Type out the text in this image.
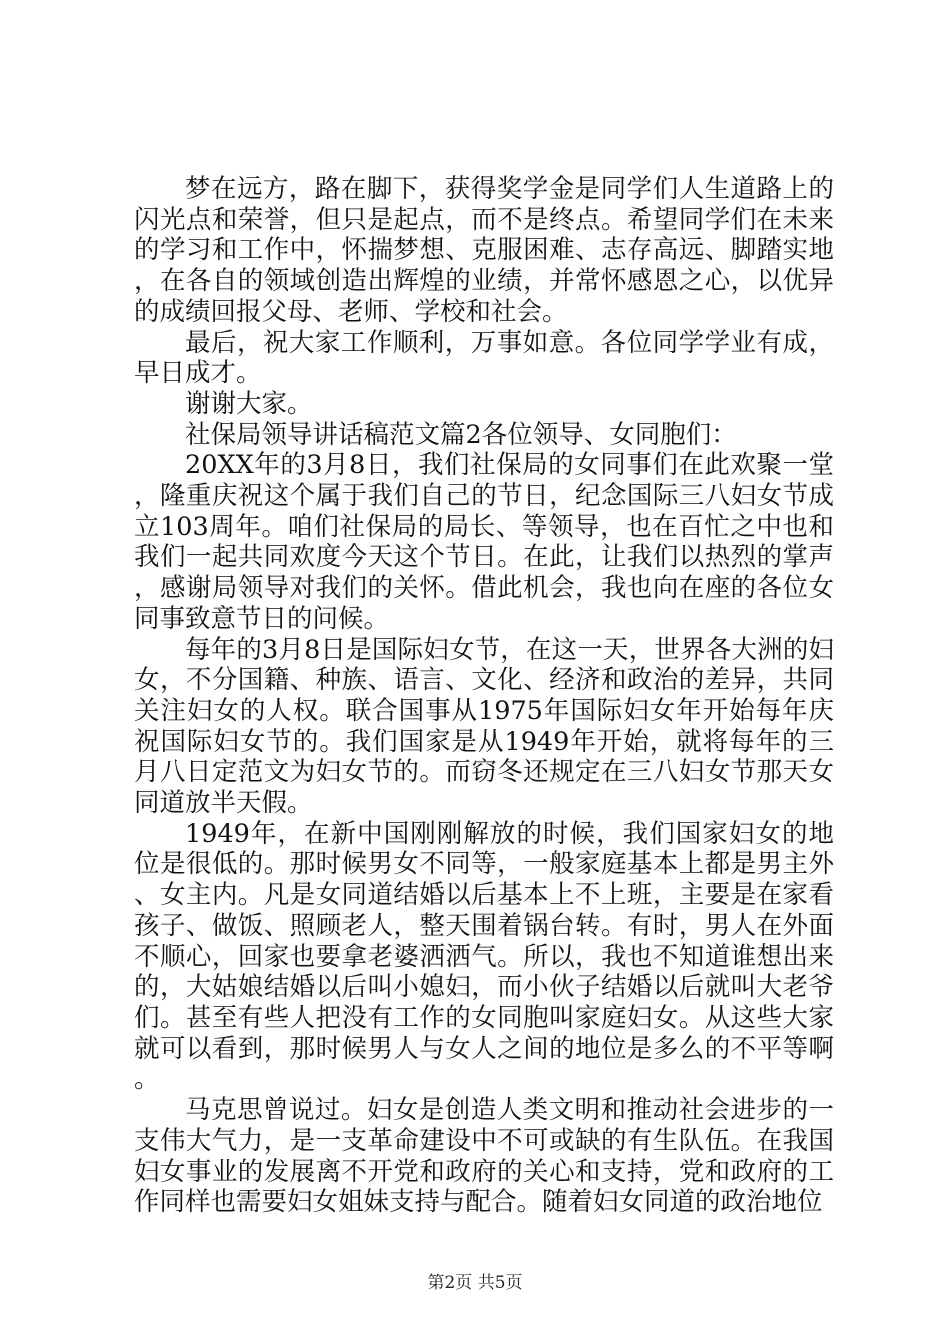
梦在远方，路在脚下，获得奖学金是同学们人生道路上的闪光点和荣誉，但只是起点，而不是终点。希望同学们在未来的学习和工作中，怀揣梦想、克服困难、志存高远、脚踏实地，在各自的领域创造出辉煌的业绩，并常怀感恩之心，以优异的成绩回报父母、老师、学校和社会。

最后，祝大家工作顺利，万事如意。各位同学学业有成，早日成才。

谢谢大家。

社保局领导讲话稿范文篇2各位领导、女同胞们：

20XX年的3月8日，我们社保局的女同事们在此欢聚一堂，隆重庆祝这个属于我们自己的节日，纪念国际三八妇女节成立103周年。咱们社保局的局长、等领导，也在百忙之中也和我们一起共同欢度今天这个节日。在此，让我们以热烈的掌声，感谢局领导对我们的关怀。借此机会，我也向在座的各位女同事致意节日的问候。

每年的3月8日是国际妇女节，在这一天，世界各大洲的妇女，不分国籍、种族、语言、文化、经济和政治的差异，共同关注妇女的人权。联合国事从1975年国际妇女年开始每年庆祝国际妇女节的。我们国家是从1949年开始，就将每年的三月八日定范文为妇女节的。而窃冬还规定在三八妇女节那天女同道放半天假。

1949年，在新中国刚刚解放的时候，我们国家妇女的地位是很低的。那时候男女不同等，一般家庭基本上都是男主外、女主内。凡是女同道结婚以后基本上不上班，主要是在家看孩子、做饭、照顾老人，整天围着锅台转。有时，男人在外面不顺心，回家也要拿老婆洒洒气。所以，我也不知道谁想出来的，大姑娘结婚以后叫小媳妇，而小伙子结婚以后就叫大老爷们。甚至有些人把没有工作的女同胞叫家庭妇女。从这些大家就可以看到，那时候男人与女人之间的地位是多么的不平等啊。

马克思曾说过。妇女是创造人类文明和推动社会进步的一支伟大气力，是一支革命建设中不可或缺的有生队伍。在我国妇女事业的发展离不开党和政府的关心和支持，党和政府的工作同样也需要妇女姐妹支持与配合。随着妇女同道的政治地位

第2页 共5页
